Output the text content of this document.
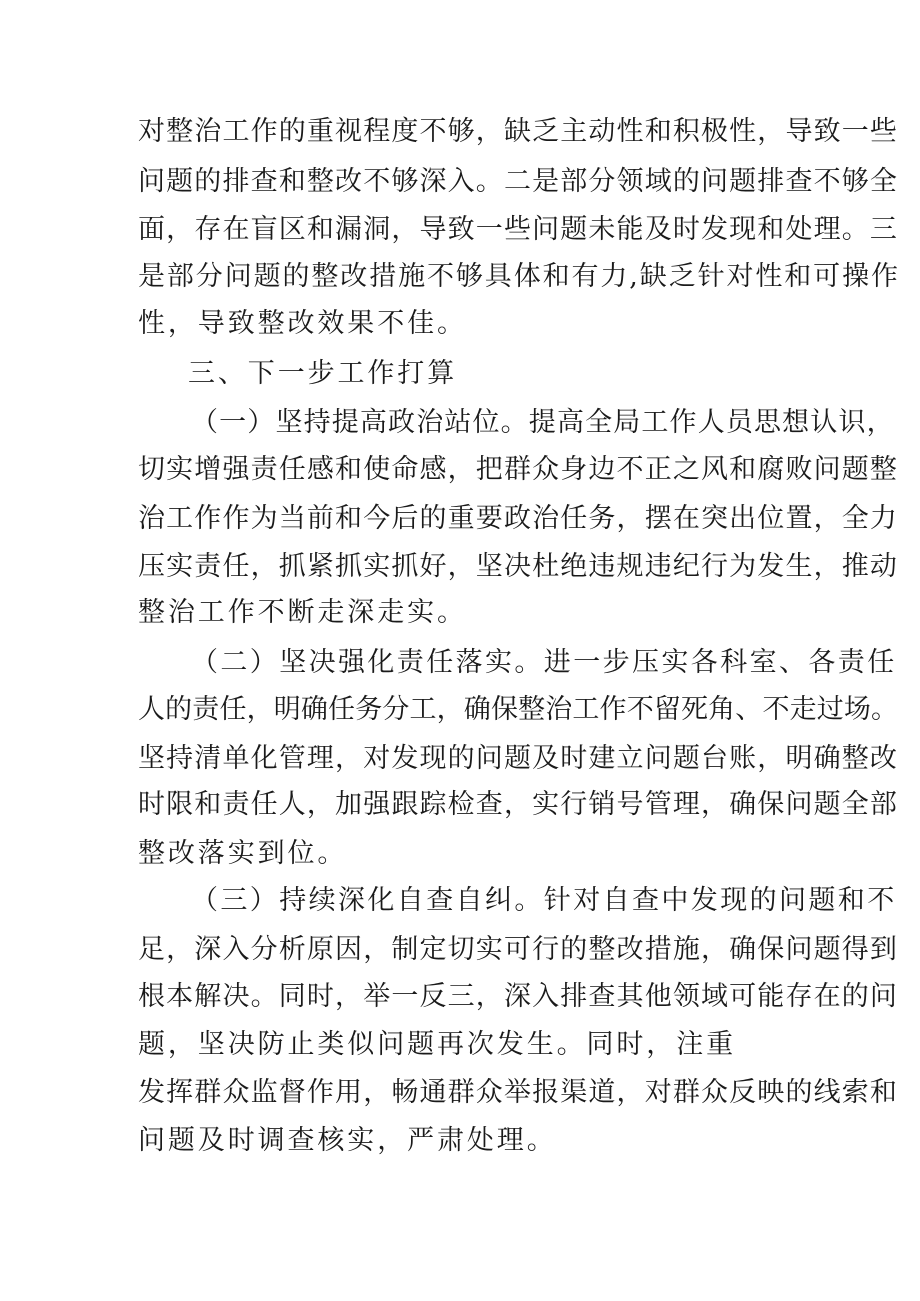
对整治工作的重视程度不够，缺乏主动性和积极性，导致一些
问题的排查和整改不够深入。二是部分领域的问题排查不够全
面，存在盲区和漏洞，导致一些问题未能及时发现和处理。三
是部分问题的整改措施不够具体和有力,缺乏针对性和可操作
性，导致整改效果不佳。
三、下一步工作打算
（一）坚持提高政治站位。提高全局工作人员思想认识，
切实增强责任感和使命感，把群众身边不正之风和腐败问题整
治工作作为当前和今后的重要政治任务，摆在突出位置，全力
压实责任，抓紧抓实抓好，坚决杜绝违规违纪行为发生，推动
整治工作不断走深走实。
（二）坚决强化责任落实。进一步压实各科室、各责任
人的责任，明确任务分工，确保整治工作不留死角、不走过场。
坚持清单化管理，对发现的问题及时建立问题台账，明确整改
时限和责任人，加强跟踪检查，实行销号管理，确保问题全部
整改落实到位。
（三）持续深化自查自纠。针对自查中发现的问题和不
足，深入分析原因，制定切实可行的整改措施，确保问题得到
根本解决。同时，举一反三，深入排查其他领域可能存在的问
题，坚决防止类似问题再次发生。同时，注重
发挥群众监督作用，畅通群众举报渠道，对群众反映的线索和
问题及时调查核实，严肃处理。
